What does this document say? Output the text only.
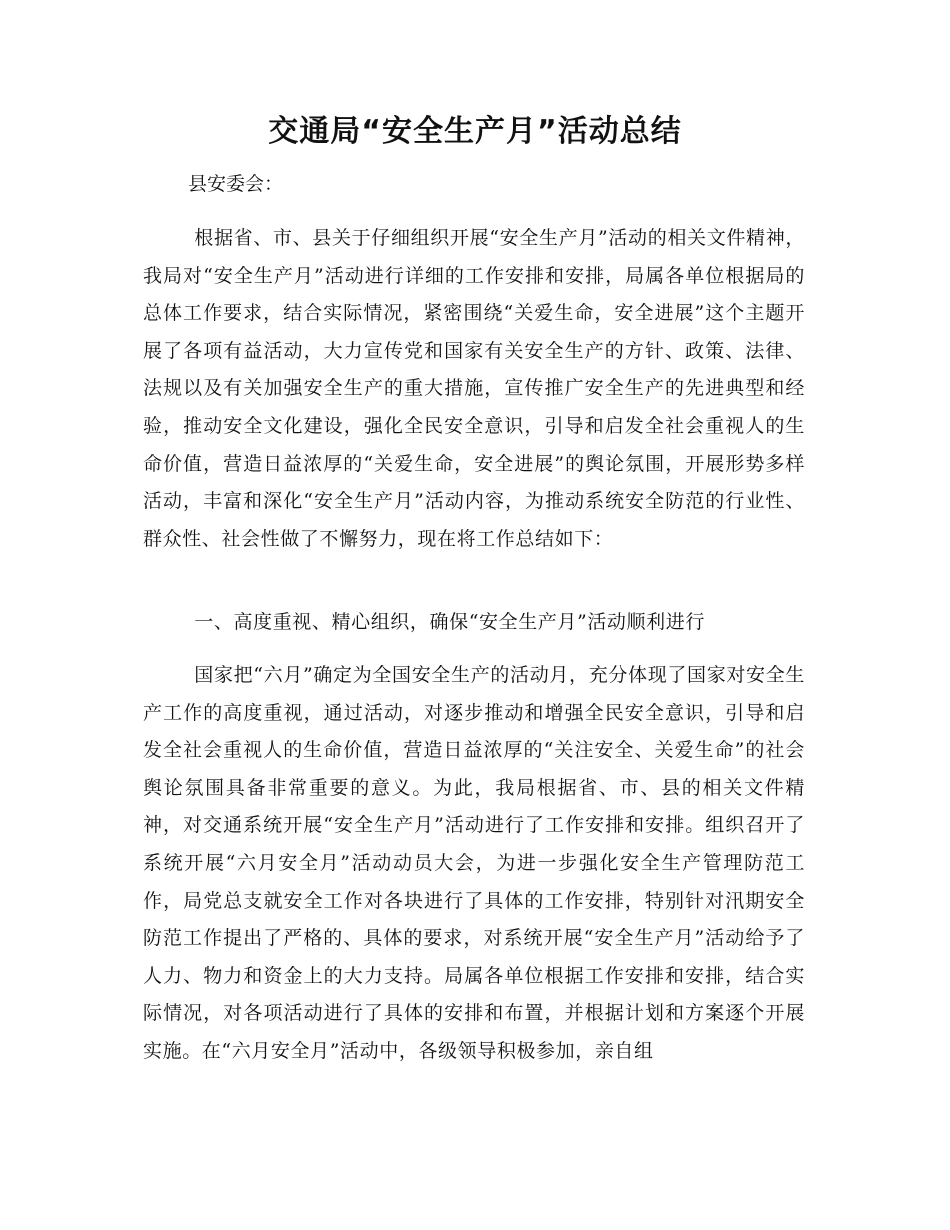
交通局“安全生产月”活动总结

县安委会：

根据省、市、县关于仔细组织开展“安全生产月”活动的相关文件精神，我局对“安全生产月”活动进行详细的工作安排和安排，局属各单位根据局的总体工作要求，结合实际情况，紧密围绕“关爱生命，安全进展”这个主题开展了各项有益活动，大力宣传党和国家有关安全生产的方针、政策、法律、法规以及有关加强安全生产的重大措施，宣传推广安全生产的先进典型和经验，推动安全文化建设，强化全民安全意识，引导和启发全社会重视人的生命价值，营造日益浓厚的“关爱生命，安全进展”的舆论氛围，开展形势多样活动，丰富和深化“安全生产月”活动内容，为推动系统安全防范的行业性、群众性、社会性做了不懈努力，现在将工作总结如下：

一、高度重视、精心组织，确保“安全生产月”活动顺利进行

国家把“六月”确定为全国安全生产的活动月，充分体现了国家对安全生产工作的高度重视，通过活动，对逐步推动和增强全民安全意识，引导和启发全社会重视人的生命价值，营造日益浓厚的“关注安全、关爱生命”的社会舆论氛围具备非常重要的意义。为此，我局根据省、市、县的相关文件精神，对交通系统开展“安全生产月”活动进行了工作安排和安排。组织召开了系统开展“六月安全月”活动动员大会，为进一步强化安全生产管理防范工作，局党总支就安全工作对各块进行了具体的工作安排，特别针对汛期安全防范工作提出了严格的、具体的要求，对系统开展“安全生产月”活动给予了人力、物力和资金上的大力支持。局属各单位根据工作安排和安排，结合实际情况，对各项活动进行了具体的安排和布置，并根据计划和方案逐个开展实施。在“六月安全月”活动中，各级领导积极参加，亲自组
